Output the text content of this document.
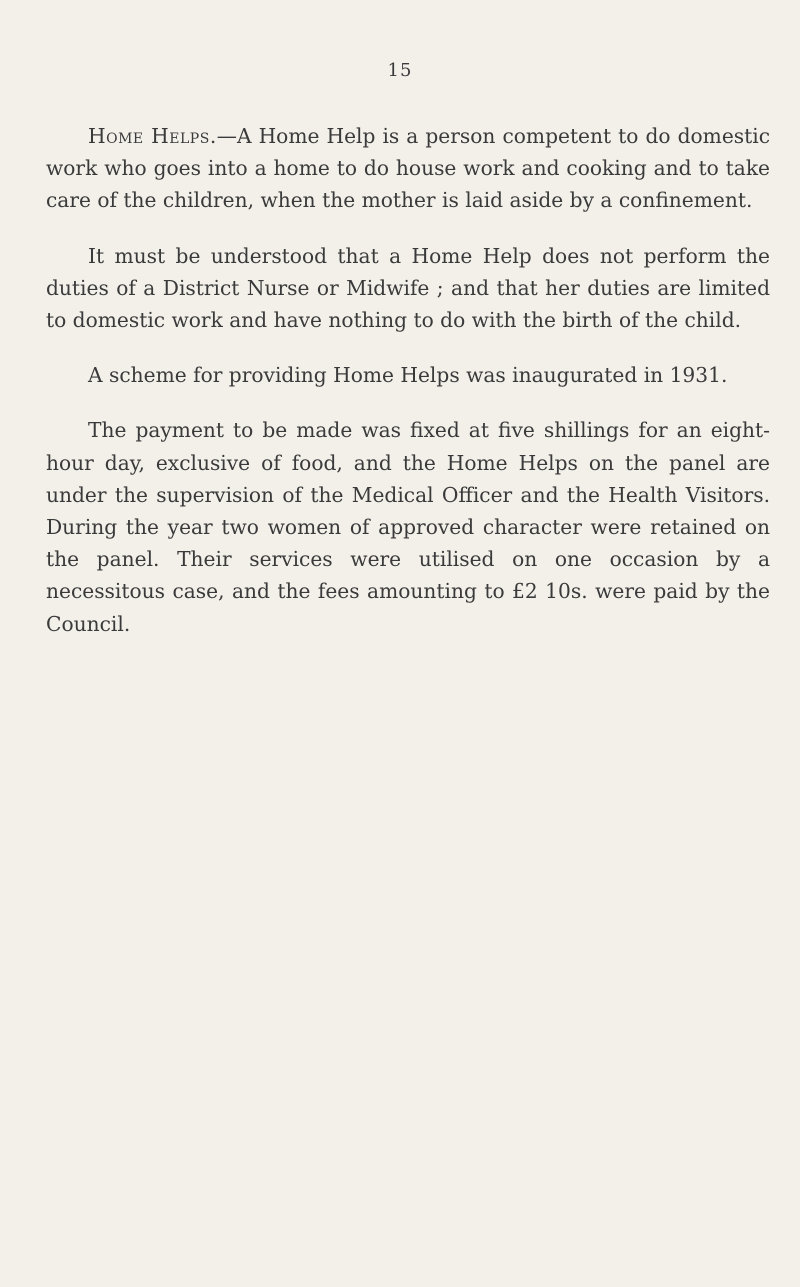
15

Home Helps.—A Home Help is a person competent to do domestic work who goes into a home to do house work and cooking and to take care of the children, when the mother is laid aside by a confinement.

It must be understood that a Home Help does not perform the duties of a District Nurse or Midwife ; and that her duties are limited to domestic work and have nothing to do with the birth of the child.

A scheme for providing Home Helps was inaugurated in 1931.

The payment to be made was fixed at five shillings for an eight-hour day, exclusive of food, and the Home Helps on the panel are under the supervision of the Medical Officer and the Health Visitors. During the year two women of approved character were retained on the panel. Their services were utilised on one occasion by a necessitous case, and the fees amounting to £2 10s. were paid by the Council.
